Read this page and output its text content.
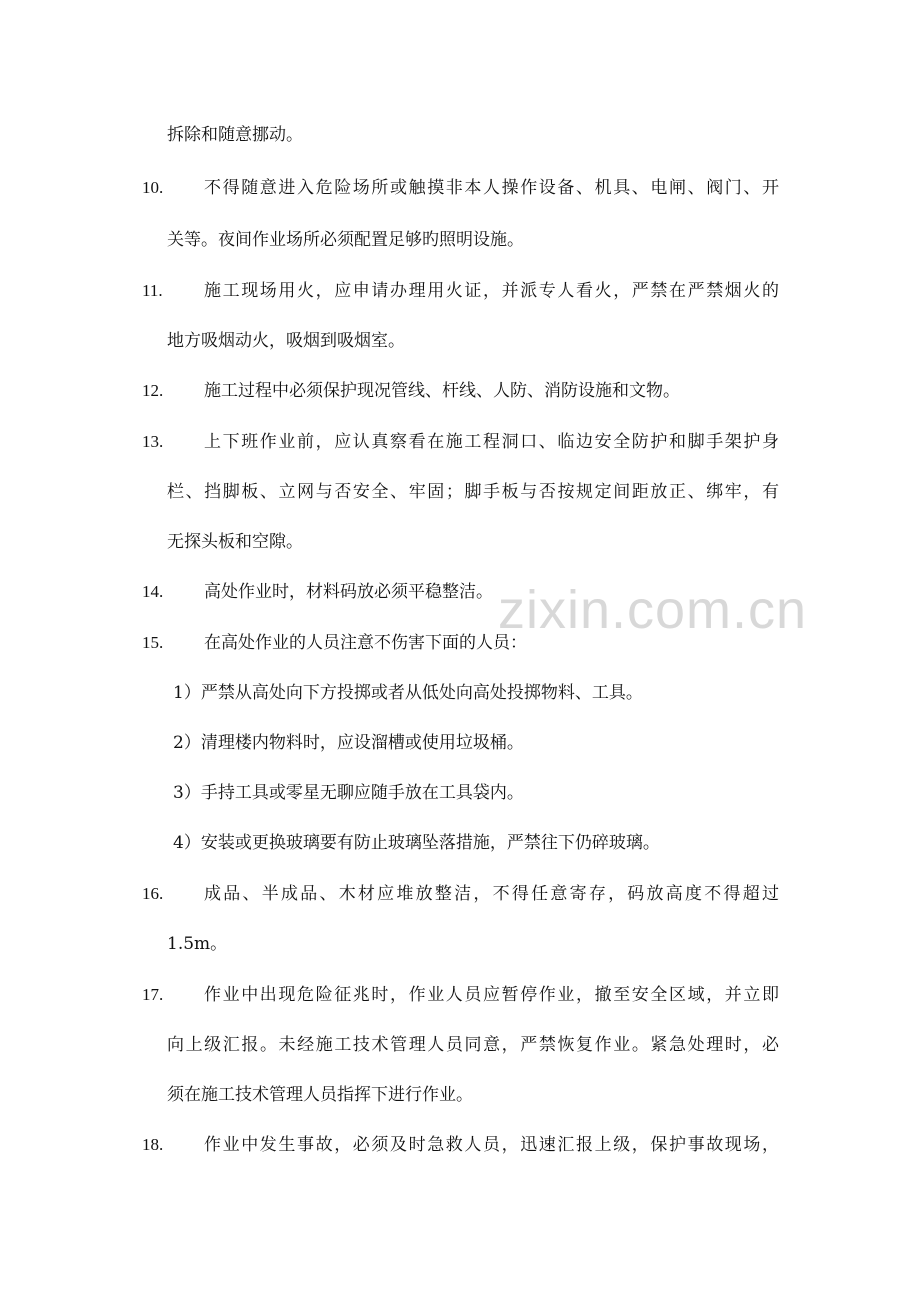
zixin.com.cn
拆除和随意挪动。
10. 不得随意进入危险场所或触摸非本人操作设备、机具、电闸、阀门、开
关等。夜间作业场所必须配置足够旳照明设施。
11. 施工现场用火，应申请办理用火证，并派专人看火，严禁在严禁烟火的
地方吸烟动火，吸烟到吸烟室。
12. 施工过程中必须保护现况管线、杆线、人防、消防设施和文物。
13. 上下班作业前，应认真察看在施工程洞口、临边安全防护和脚手架护身
栏、挡脚板、立网与否安全、牢固；脚手板与否按规定间距放正、绑牢，有
无探头板和空隙。
14. 高处作业时，材料码放必须平稳整洁。
15. 在高处作业的人员注意不伤害下面的人员：
1）严禁从高处向下方投掷或者从低处向高处投掷物料、工具。
2）清理楼内物料时，应设溜槽或使用垃圾桶。
3）手持工具或零星无聊应随手放在工具袋内。
4）安装或更换玻璃要有防止玻璃坠落措施，严禁往下仍碎玻璃。
16. 成品、半成品、木材应堆放整洁，不得任意寄存，码放高度不得超过
1.5m。
17. 作业中出现危险征兆时，作业人员应暂停作业，撤至安全区域，并立即
向上级汇报。未经施工技术管理人员同意，严禁恢复作业。紧急处理时，必
须在施工技术管理人员指挥下进行作业。
18. 作业中发生事故，必须及时急救人员，迅速汇报上级，保护事故现场，
